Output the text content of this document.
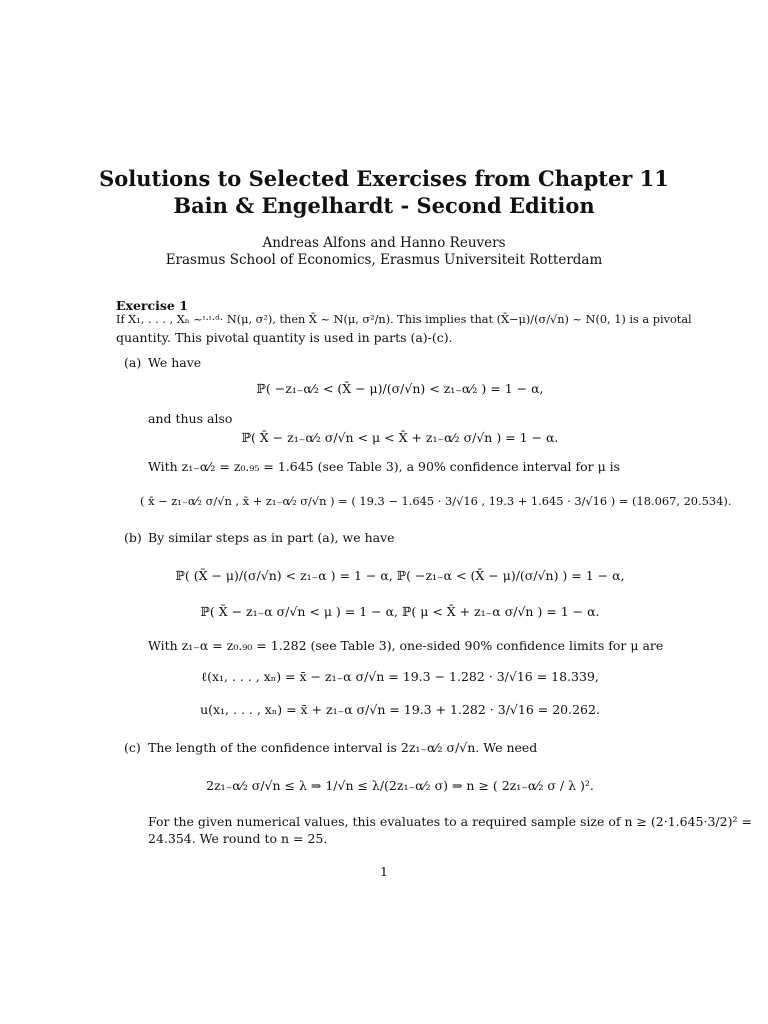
Solutions to Selected Exercises from Chapter 11
Bain & Engelhardt - Second Edition
Andreas Alfons and Hanno Reuvers
Erasmus School of Economics, Erasmus Universiteit Rotterdam
Exercise 1
If X₁, . . . , Xₙ ~ᶦ·ᶦ·ᵈ· N(μ, σ²), then X̄ ~ N(μ, σ²/n). This implies that (X̄−μ)/(σ/√n) ~ N(0, 1) is a pivotal
quantity. This pivotal quantity is used in parts (a)-(c).
(a) We have
ℙ( −z₁₋α⁄₂ < (X̄ − μ)/(σ/√n) < z₁₋α⁄₂ ) = 1 − α,
and thus also
ℙ( X̄ − z₁₋α⁄₂ σ/√n < μ < X̄ + z₁₋α⁄₂ σ/√n ) = 1 − α.
With z₁₋α⁄₂ = z₀.₉₅ = 1.645 (see Table 3), a 90% confidence interval for μ is
( x̄ − z₁₋α⁄₂ σ/√n , x̄ + z₁₋α⁄₂ σ/√n ) = ( 19.3 − 1.645 · 3/√16 , 19.3 + 1.645 · 3/√16 ) = (18.067, 20.534).
(b) By similar steps as in part (a), we have
ℙ( (X̄ − μ)/(σ/√n) < z₁₋α ) = 1 − α, ℙ( −z₁₋α < (X̄ − μ)/(σ/√n) ) = 1 − α,
ℙ( X̄ − z₁₋α σ/√n < μ ) = 1 − α, ℙ( μ < X̄ + z₁₋α σ/√n ) = 1 − α.
With z₁₋α = z₀.₉₀ = 1.282 (see Table 3), one-sided 90% confidence limits for μ are
ℓ(x₁, . . . , xₙ) = x̄ − z₁₋α σ/√n = 19.3 − 1.282 · 3/√16 = 18.339,
u(x₁, . . . , xₙ) = x̄ + z₁₋α σ/√n = 19.3 + 1.282 · 3/√16 = 20.262.
(c) The length of the confidence interval is 2z₁₋α⁄₂ σ/√n. We need
2z₁₋α⁄₂ σ/√n ≤ λ ⇒ 1/√n ≤ λ/(2z₁₋α⁄₂ σ) ⇒ n ≥ ( 2z₁₋α⁄₂ σ / λ )².
For the given numerical values, this evaluates to a required sample size of n ≥ (2·1.645·3/2)² =
24.354. We round to n = 25.
1
